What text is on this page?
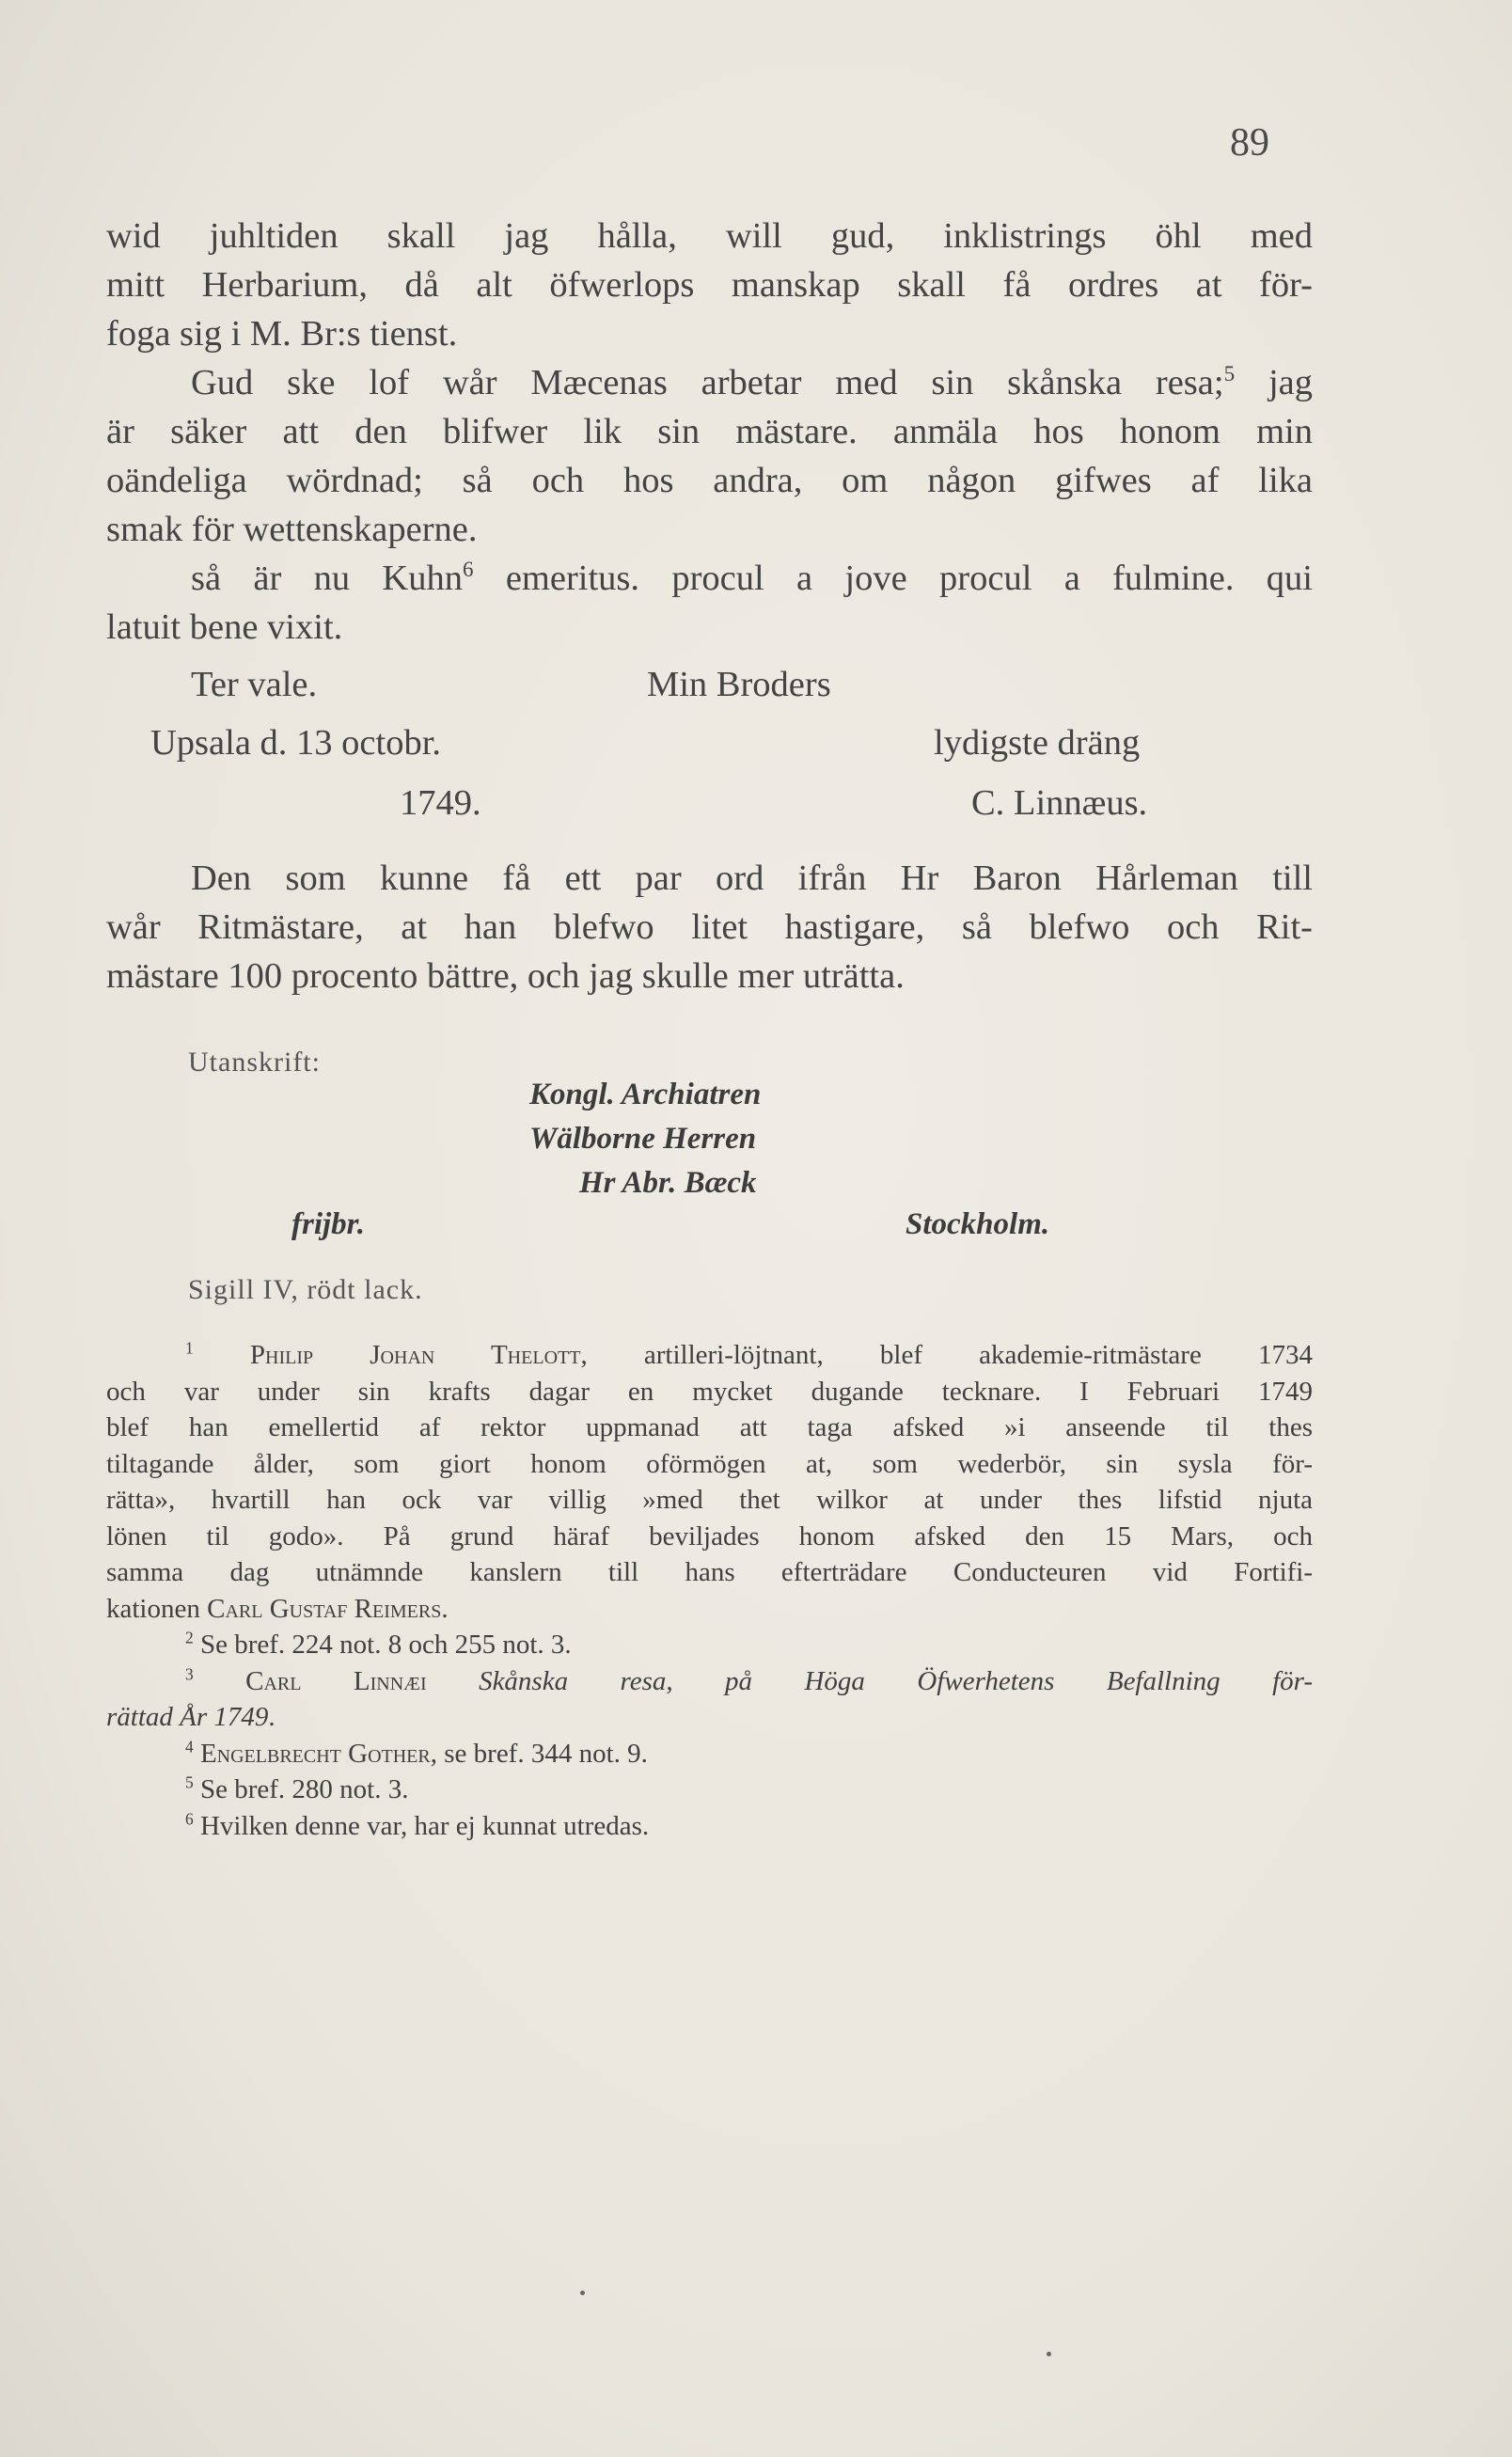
89

wid juhltiden skall jag hålla, will gud, inklistrings öhl med

mitt Herbarium, då alt öfwerlops manskap skall få ordres at för-

foga sig i M. Br:s tienst.

Gud ske lof wår Mæcenas arbetar med sin skånska resa;$^5$ jag

är säker att den blifwer lik sin mästare. anmäla hos honom min

oändeliga wördnad; så och hos andra, om någon gifwes af lika

smak för wettenskaperne.

så är nu Kuhn$^6$ emeritus. procul a jove procul a fulmine. qui

latuit bene vixit.

Ter vale.	Min Broders
Upsala d. 13 octobr.	lydigste dräng
1749.	C. Linnæus.

Den som kunne få ett par ord ifrån Hr Baron Hårleman till

wår Ritmästare, at han blefwo litet hastigare, så blefwo och Rit-

mästare 100 procento bättre, och jag skulle mer uträtta.

Utanskrift:
Kongl. Archiatren
Wälborne Herren
Hr Abr. Bæck
frijbr.	Stockholm.
Sigill IV, rödt lack.

$^1$ Philip Johan Thelott, artilleri-löjtnant, blef akademie-ritmästare 1734

och var under sin krafts dagar en mycket dugande tecknare. I Februari 1749

blef han emellertid af rektor uppmanad att taga afsked »i anseende til thes

tiltagande ålder, som giort honom oförmögen at, som wederbör, sin sysla för-

rätta», hvartill han ock var villig »med thet wilkor at under thes lifstid njuta

lönen til godo». På grund häraf beviljades honom afsked den 15 Mars, och

samma dag utnämnde kanslern till hans efterträdare Conducteuren vid Fortifi-

kationen Carl Gustaf Reimers.

$^2$ Se bref. 224 not. 8 och 255 not. 3.

$^3$ Carl Linnæi Skånska resa, på Höga Öfwerhetens Befallning för-

rättad År 1749.

$^4$ Engelbrecht Gother, se bref. 344 not. 9.

$^5$ Se bref. 280 not. 3.

$^6$ Hvilken denne var, har ej kunnat utredas.
